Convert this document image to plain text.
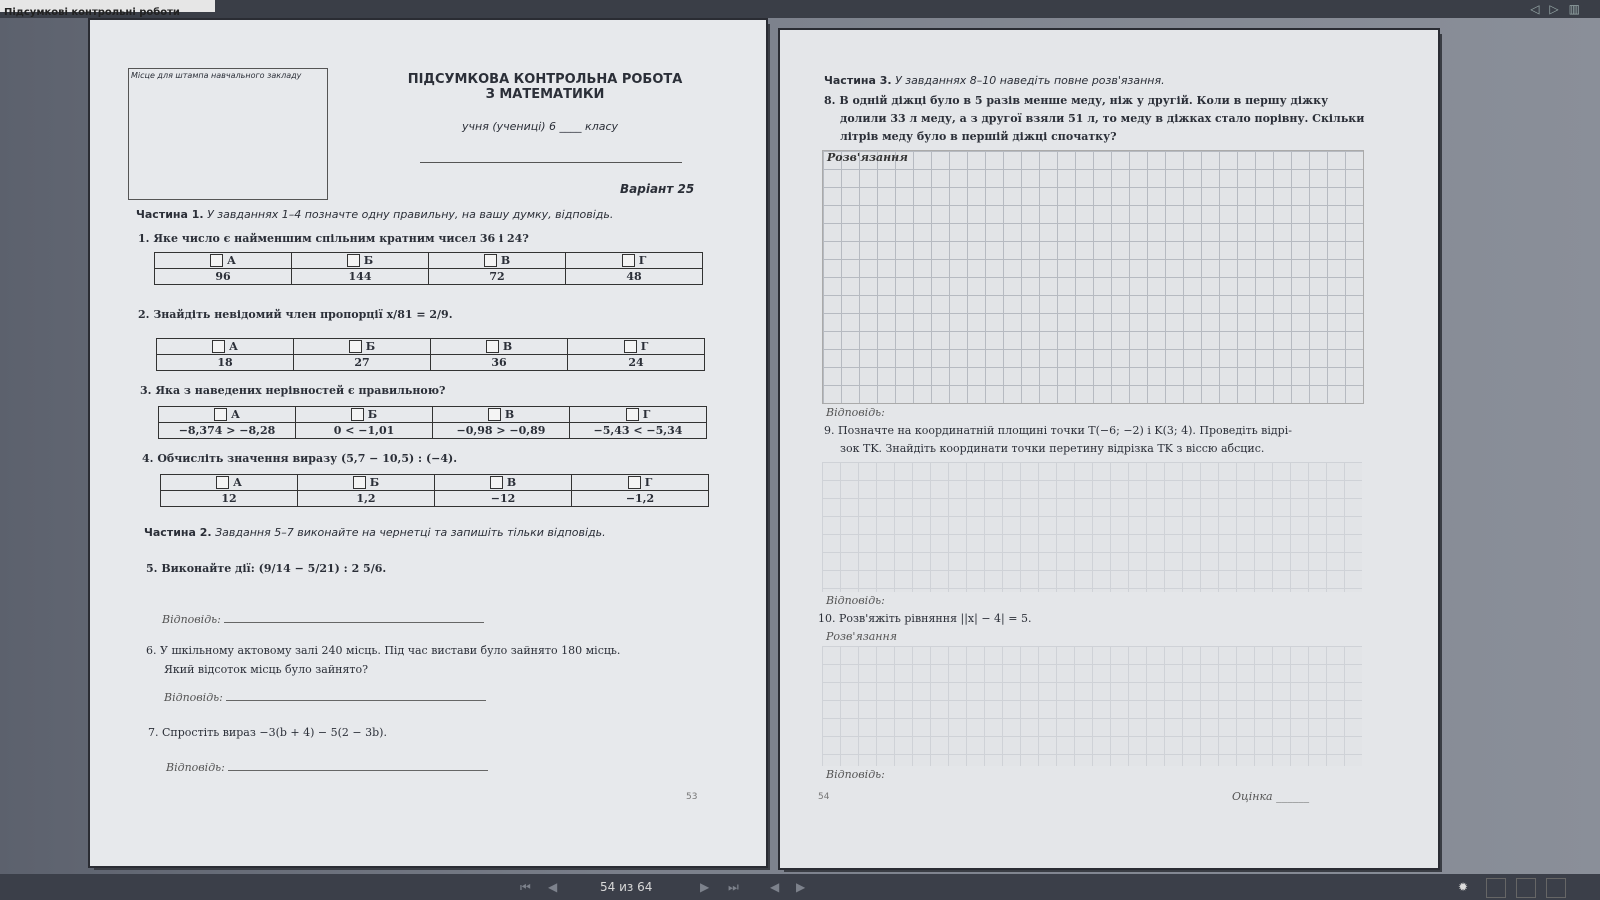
Підсумкові контрольні роботи	◁▷▥
Місце для штампа навчального закладу	ПІДСУМКОВА КОНТРОЛЬНА РОБОТА
З МАТЕМАТИКИ
учня (учениці) 6 ____ класу
Варіант 25
Частина 1. У завданнях 1–4 позначте одну правильну, на вашу думку, відповідь.
1. Яке число є найменшим спільним кратним чисел 36 і 24?
А	Б	В	Г
96	144	72	48
2. Знайдіть невідомий член пропорції x/81 = 2/9.
А	Б	В	Г
18	27	36	24
3. Яка з наведених нерівностей є правильною?
А	Б	В	Г
−8,374 > −8,28	0 < −1,01	−0,98 > −0,89	−5,43 < −5,34
4. Обчисліть значення виразу (5,7 − 10,5) : (−4).
А	Б	В	Г
12	1,2	−12	−1,2
Частина 2. Завдання 5–7 виконайте на чернетці та запишіть тільки відповідь.
5. Виконайте дії: (9/14 − 5/21) : 2 5/6.
Відповідь:
6. У шкільному актовому залі 240 місць. Під час вистави було зайнято 180 місць.
Який відсоток місць було зайнято?
Відповідь:
7. Спростіть вираз −3(b + 4) − 5(2 − 3b).
Відповідь:
53
Частина 3. У завданнях 8–10 наведіть повне розв'язання.
8. В одній діжці було в 5 разів менше меду, ніж у другій. Коли в першу діжку
долили 33 л меду, а з другої взяли 51 л, то меду в діжках стало порівну. Скільки
літрів меду було в першій діжці спочатку?
Розв'язання
Відповідь:
9. Позначте на координатній площині точки T(−6; −2) і K(3; 4). Проведіть відрі-
зок TK. Знайдіть координати точки перетину відрізка TK з віссю абсцис.
Відповідь:
10. Розв'яжіть рівняння ||x| − 4| = 5.
Розв'язання
Відповідь:
54	Оцінка ______
⏮ ◀	54 из 64	▶ ⏭	◀ ▶	✹
